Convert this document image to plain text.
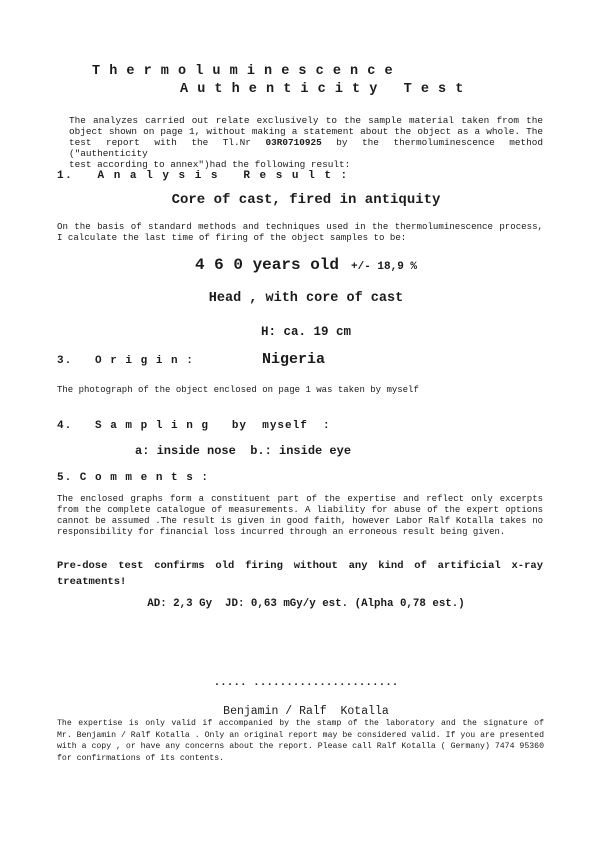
T h e r m o l u m i n e s c e n c e
A u t h e n t i c i t y   T e s t
The analyzes carried out relate exclusively to the sample material taken from the
object shown on page 1, without making a statement about the object as a whole. The
test report with the Tl.Nr 03R0710925 by the thermoluminescence method ("authenticity
test according to annex")had the following result:
1.   A n a l y s i s   R e s u l t :
Core of cast, fired in antiquity
On the basis of standard methods and techniques used in the thermoluminescence process,
I calculate the last time of firing of the object samples to be:
4 6 0 years old +/- 18,9 %
Head , with core of cast
H: ca. 19 cm
3.   O r i g i n :	Nigeria
The photograph of the object enclosed on page 1 was taken by myself
4.   S a m p l i n g   by  myself  :
a: inside nose  b.: inside eye
5. C o m m e n t s :
The enclosed graphs form a constituent part of the expertise and reflect only excerpts
from the complete catalogue of measurements. A liability for abuse of the expert options
cannot be assumed .The result is given in good faith, however Labor Ralf Kotalla takes no
responsibility for financial loss incurred through an erroneous result being given.
Pre-dose test confirms old firing without any kind of artificial x-ray
treatments!
AD: 2,3 Gy  JD: 0,63 mGy/y est. (Alpha 0,78 est.)
..... ......................
Benjamin / Ralf  Kotalla
The expertise is only valid if accompanied by the stamp of the laboratory and the signature of
Mr. Benjamin / Ralf Kotalla . Only an original report may be considered valid. If you are presented
with a copy , or have any concerns about the report. Please call Ralf Kotalla ( Germany) 7474 95360
for confirmations of its contents.
